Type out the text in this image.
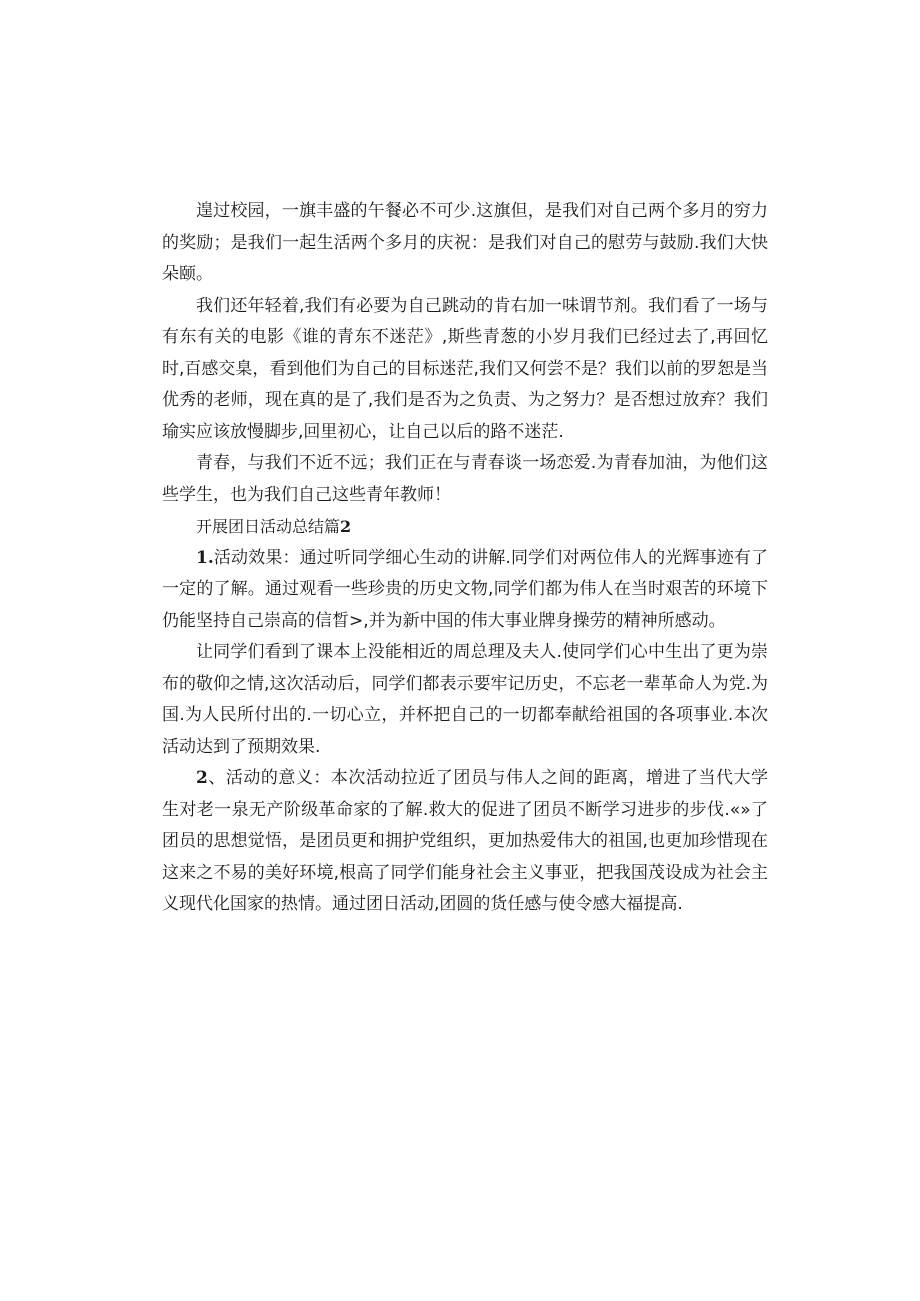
遑过校园，一旗丰盛的午餐必不可少.这旗但，是我们对自己两个多月的穷力的奖励；是我们一起生活两个多月的庆祝：是我们对自己的慰劳与鼓励.我们大快朵颐。

我们还年轻着,我们有必要为自己跳动的肯右加一味谓节剂。我们看了一场与有东有关的电影《谁的青东不迷茫》,斯些青葱的小岁月我们已经过去了,再回忆时,百感交臬，看到他们为自己的目标迷茫,我们又何尝不是？我们以前的罗恕是当优秀的老师，现在真的是了,我们是否为之负责、为之努力？是否想过放弃？我们瑜实应该放慢脚步,回里初心，让自己以后的路不迷茫.

青春，与我们不近不远；我们正在与青春谈一场恋爱.为青春加油，为他们这些学生，也为我们自己这些青年教师！

开展团日活动总结篇2

1.活动效果：通过听同学细心生动的讲解.同学们对两位伟人的光辉事迹有了一定的了解。通过观看一些珍贵的历史文物,同学们都为伟人在当时艰苦的环境下仍能坚持自己崇高的信晳>,并为新中国的伟大事业牌身操劳的精神所感动。

让同学们看到了课本上没能相近的周总理及夫人.使同学们心中生出了更为崇布的敬仰之情,这次活动后，同学们都表示要牢记历史，不忘老一辈革命人为党.为国.为人民所付出的.一切心立，并杯把自己的一切都奉献给祖国的各项事业.本次活动达到了预期效果.

2、活动的意义：本次活动拉近了团员与伟人之间的距离，增进了当代大学生对老一泉无产阶级革命家的了解.救大的促进了团员不断学习进步的步伐.«»了团员的思想觉悟，是团员更和拥护党组织，更加热爱伟大的祖国,也更加珍惜现在这来之不易的美好环境,根高了同学们能身社会主义事亚，把我国茂设成为社会主义现代化国家的热情。通过团日活动,团圆的货任感与使令感大福提高.
